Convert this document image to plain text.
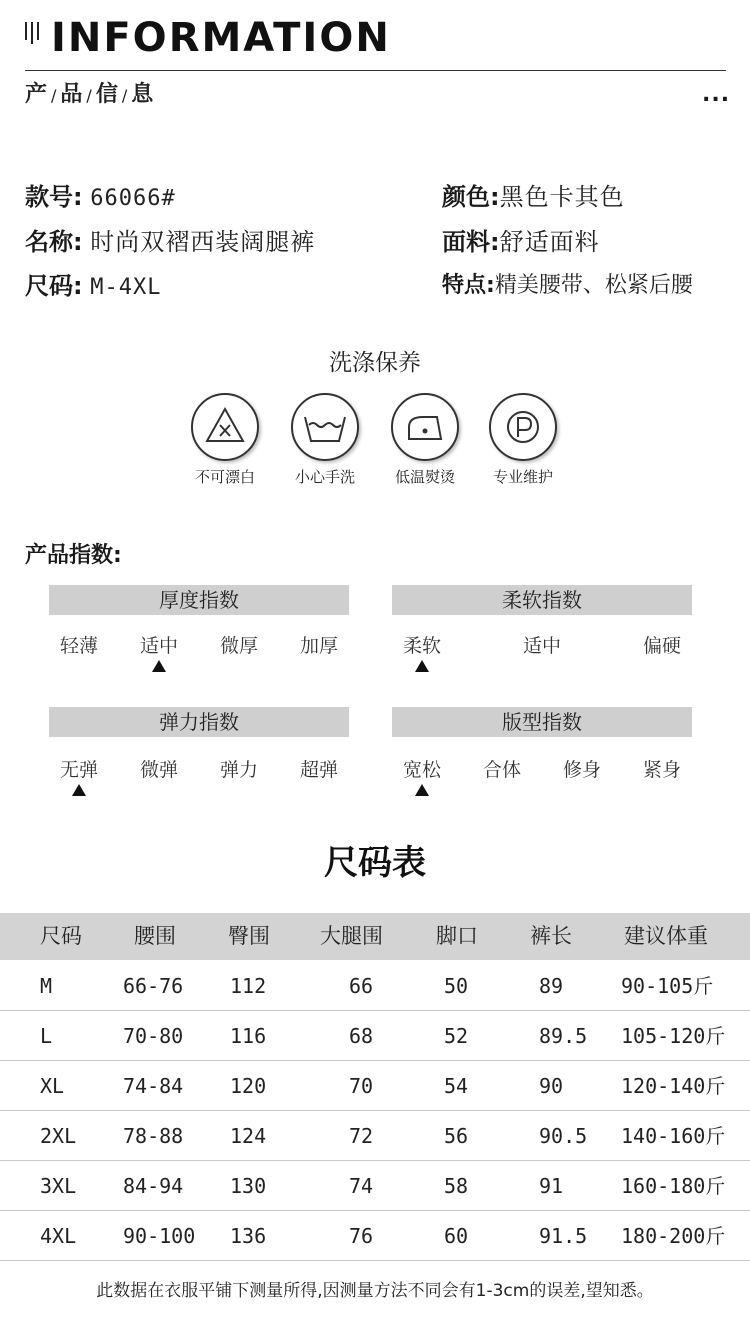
INFORMATION
产 / 品 / 信 / 息	...
款号: 66066#
名称: 时尚双褶西装阔腿裤
尺码: M-4XL
颜色:黑色卡其色
面料:舒适面料
特点:精美腰带、松紧后腰
洗涤保养
不可漂白	小心手洗	低温熨烫	专业维护
产品指数:
厚度指数	柔软指数
弹力指数	版型指数
轻薄	适中	微厚	加厚	柔软	适中	偏硬
无弹	微弹	弹力	超弹	宽松	合体	修身	紧身
尺码表
尺码 腰围 臀围 大腿围	脚口 裤长 建议体重
M	66-76 112	66	50	89	90-105斤
L	70-80 116	68	52	89.5 105-120斤
XL	74-84 120	70	54	90	120-140斤
2XL 78-88 124	72	56	90.5 140-160斤
3XL 84-94 130	74	58	91	160-180斤
4XL 90-100 136	76	60	91.5 180-200斤
此数据在衣服平铺下测量所得,因测量方法不同会有1-3cm的误差,望知悉。
